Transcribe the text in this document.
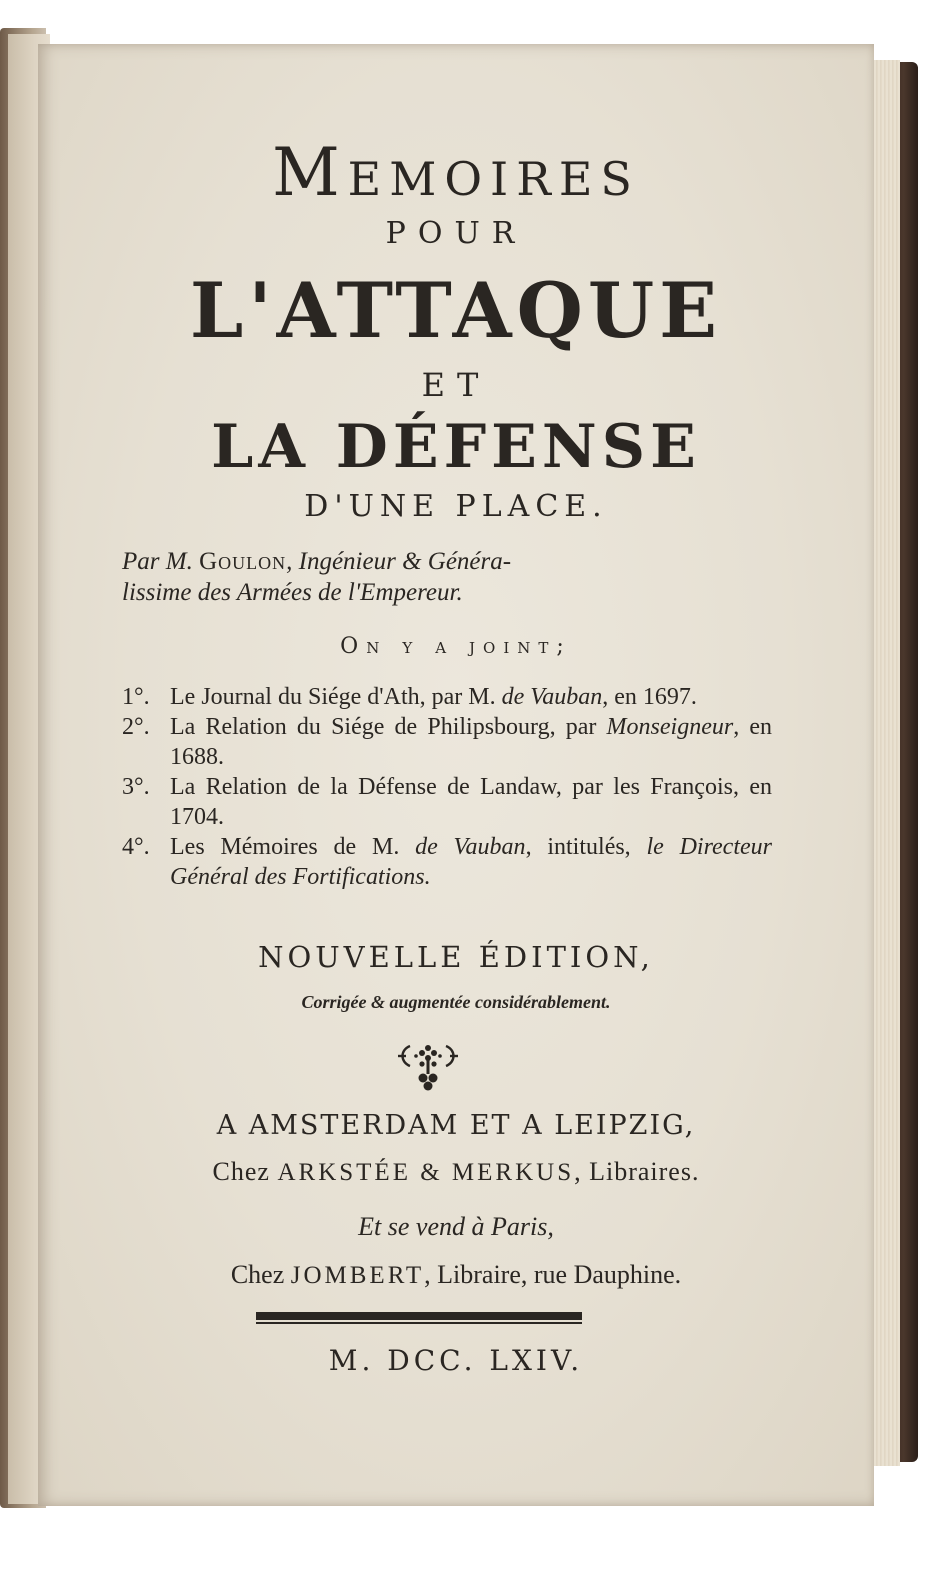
Memoires
POUR
L'ATTAQUE
ET
LA DÉFENSE
D'UNE PLACE.
Par M. Goulon, Ingénieur & Généra-
lissime des Armées de l'Empereur.
On y a joint;
1°. Le Journal du Siége d'Ath, par M. de Vauban, en 1697.
2°. La Relation du Siége de Philipsbourg, par Monseigneur, en 1688.
3°. La Relation de la Défense de Landaw, par les François, en 1704.
4°. Les Mémoires de M. de Vauban, intitulés, le Directeur Général des Fortifications.
NOUVELLE ÉDITION,
Corrigée & augmentée considérablement.
A AMSTERDAM ET A LEIPZIG,
Chez ARKSTÉE & MERKUS, Libraires.
Et se vend à Paris,
Chez JOMBERT, Libraire, rue Dauphine.
M. DCC. LXIV.
